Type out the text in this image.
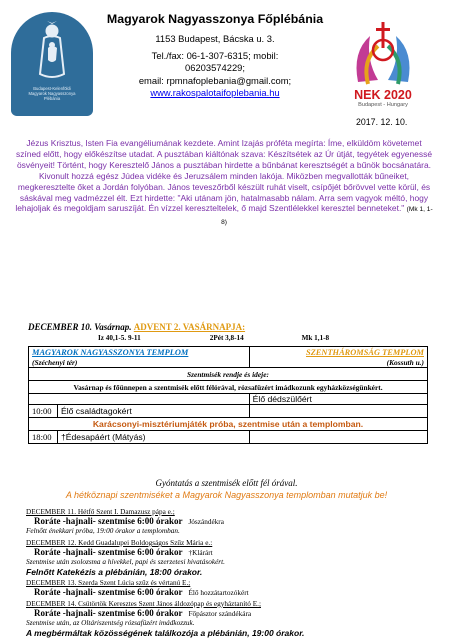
Budapest-Kelenföldi
Magyarok Nagyasszonya
Plébánia
Magyarok Nagyasszonya Főplébánia
1153 Budapest, Bácska u. 3.
Tel./fax: 06-1-307-6315; mobil:
06203574229;
email: rpmnafoplebania@gmail.com;
www.rakospalotaifoplebania.hu	NEK 2020
Budapest - Hungary
2017. 12. 10.
Jézus Krisztus, Isten Fia evangéliumának kezdete. Amint Izajás próféta megírta: Íme, elküldöm követemet színed előtt, hogy előkészítse utadat. A pusztában kiáltónak szava: Készítsétek az Úr útját, tegyétek egyenessé ösvényeit! Történt, hogy Keresztelő János a pusztában hirdette a bűnbánat keresztségét a bűnök bocsánatára. Kivonult hozzá egész Júdea vidéke és Jeruzsálem minden lakója. Miközben megvallották bűneiket, megkeresztelte őket a Jordán folyóban. János teveszőrből készült ruhát viselt, csípőjét bőrövvel vette körül, és sáskával meg vadmézzel élt. Ezt hirdette: "Aki utánam jön, hatalmasabb nálam. Arra sem vagyok méltó, hogy lehajoljak és megoldjam saruszíját. Én vízzel kereszteltelek, ő majd Szentlélekkel keresztel benneteket." (Mk 1, 1-8)
DECEMBER 10. Vasárnap. ADVENT 2. VASÁRNAPJA:
Iz 40,1-5. 9-11	2Pét 3,8-14	Mk 1,1-8
MAGYAROK NAGYASSZONYA TEMPLOM		SZENTHÁROMSÁG TEMPLOM
(Széchenyi tér)		(Kossuth u.)
Szentmisék rendje és ideje:		
Vasárnap és főünnepen a szentmisék előtt félórával, rózsafüzért imádkozunk egyházközségünkért.		
		Élő dédszülőért
10:00	Élő családtagokért	
Karácsonyi-misztériumjáték próba, szentmise után a templomban.		
18:00	†Édesapáért (Mátyás)	
Gyóntatás a szentmisék előtt fél órával.
A hétköznapi szentmiséket a Magyarok Nagyasszonya templomban mutatjuk be!
DECEMBER 11. Hétfő Szent I. Damazusz pápa e.;
Roráte -hajnali- szentmise 6:00 órakor Jószándékra
Felnőtt énekkari próba, 19:00 órakor a templomban.
DECEMBER 12. Kedd Guadalupei Boldogságos Szűz Mária e.:
Roráte -hajnali- szentmise 6:00 órakor †Klárárt
Szentmise után zsolozsma a hívekkel, papi és szerzetesi hivatásokért.
Felnőtt Katekézis a plébánián, 18:00 órakor.
DECEMBER 13. Szerda Szent Lúcia szűz és vértanú E.;
Roráte -hajnali- szentmise 6:00 órakor Élő hozzátartozókért
DECEMBER 14. Csütörtök Keresztes Szent János áldozópap és egyháztanító E.;
Roráte -hajnali- szentmise 6:00 órakor Főpásztor szándékára
Szentmise után, az Oltáriszentség rózsafüzért imádkozzuk.
A megbérmáltak közösségének találkozója a plébánián, 19:00 órakor.
